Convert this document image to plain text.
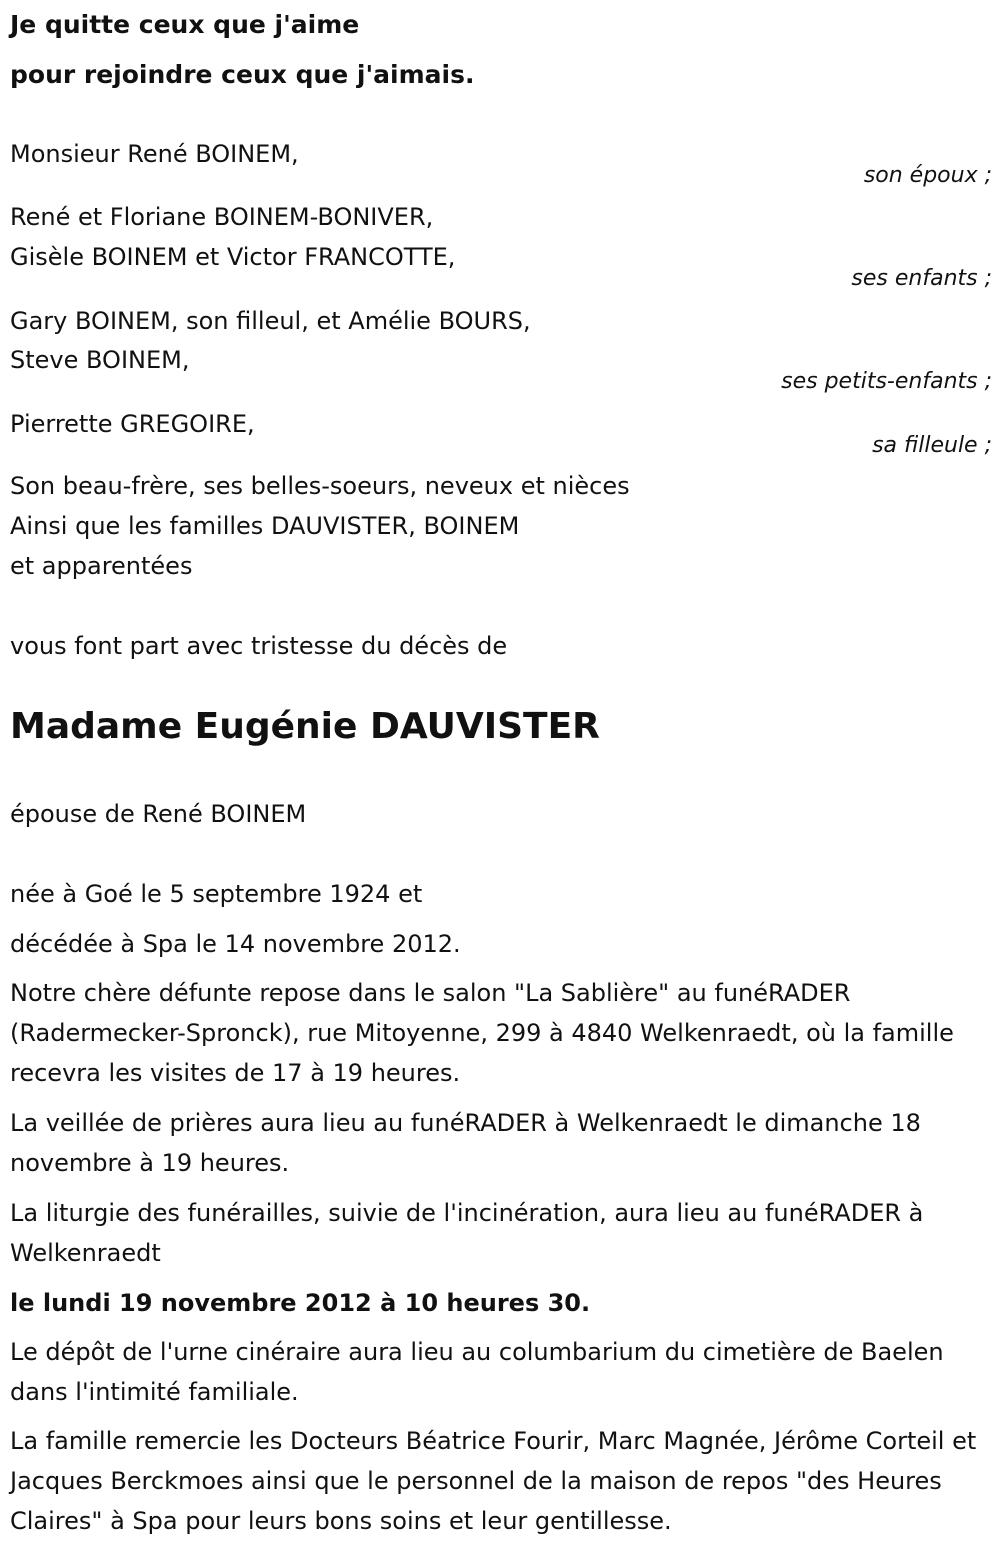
Je quitte ceux que j'aime
pour rejoindre ceux que j'aimais.
Monsieur René BOINEM,
son époux ;
René et Floriane BOINEM-BONIVER,
Gisèle BOINEM et Victor FRANCOTTE,
ses enfants ;
Gary BOINEM, son filleul, et Amélie BOURS,
Steve BOINEM,
ses petits-enfants ;
Pierrette GREGOIRE,
sa filleule ;
Son beau-frère, ses belles-soeurs, neveux et nièces
Ainsi que les familles DAUVISTER, BOINEM
et apparentées
vous font part avec tristesse du décès de
Madame Eugénie DAUVISTER
épouse de René BOINEM
née à Goé le 5 septembre 1924 et
décédée à Spa le 14 novembre 2012.
Notre chère défunte repose dans le salon "La Sablière" au funéRADER (Radermecker-Spronck), rue Mitoyenne, 299 à 4840 Welkenraedt, où la famille recevra les visites de 17 à 19 heures.
La veillée de prières aura lieu au funéRADER à Welkenraedt le dimanche 18 novembre à 19 heures.
La liturgie des funérailles, suivie de l'incinération, aura lieu au funéRADER à Welkenraedt
le lundi 19 novembre 2012 à 10 heures 30.
Le dépôt de l'urne cinéraire aura lieu au columbarium du cimetière de Baelen dans l'intimité familiale.
La famille remercie les Docteurs Béatrice Fourir, Marc Magnée, Jérôme Corteil et Jacques Berckmoes ainsi que le personnel de la maison de repos "des Heures Claires" à Spa pour leurs bons soins et leur gentillesse.
